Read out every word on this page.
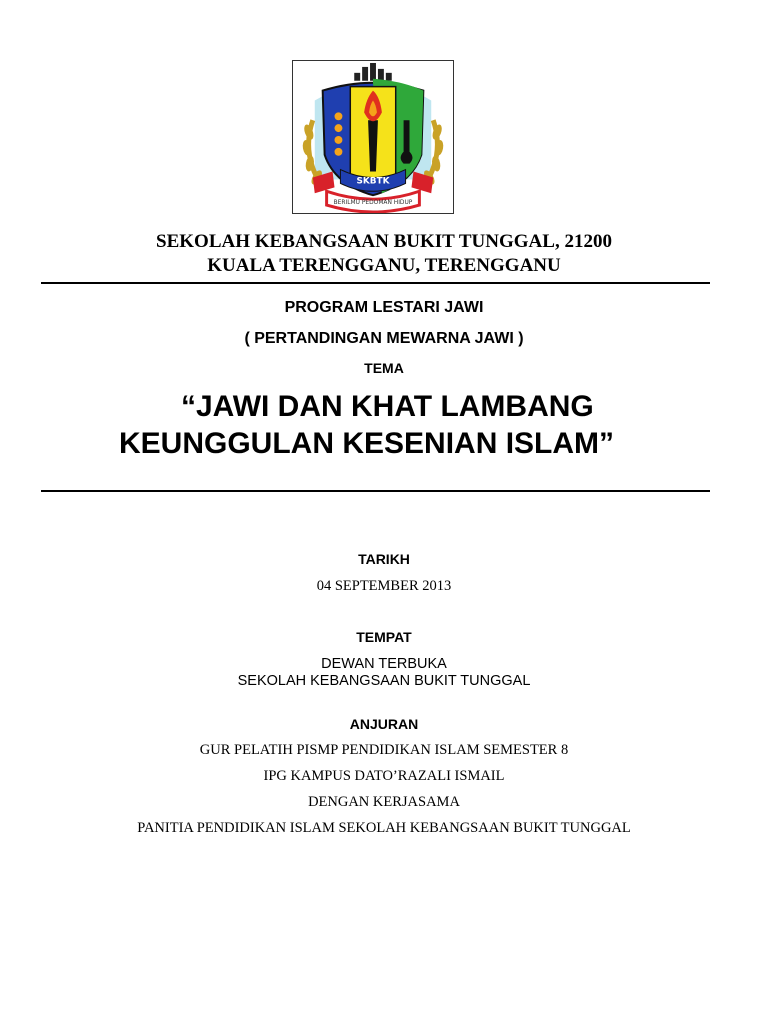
SKBTK
BERILMU PEDOMAN HIDUP
SEKOLAH KEBANGSAAN BUKIT TUNGGAL, 21200
KUALA TERENGGANU, TERENGGANU
PROGRAM LESTARI JAWI
( PERTANDINGAN MEWARNA JAWI )
TEMA
“JAWI DAN KHAT LAMBANG
KEUNGGULAN KESENIAN ISLAM”
TARIKH
04 SEPTEMBER 2013
TEMPAT
DEWAN TERBUKA
SEKOLAH KEBANGSAAN BUKIT TUNGGAL
ANJURAN
GUR PELATIH PISMP PENDIDIKAN ISLAM SEMESTER 8
IPG KAMPUS DATO’RAZALI ISMAIL
DENGAN KERJASAMA
PANITIA PENDIDIKAN ISLAM SEKOLAH KEBANGSAAN BUKIT TUNGGAL
